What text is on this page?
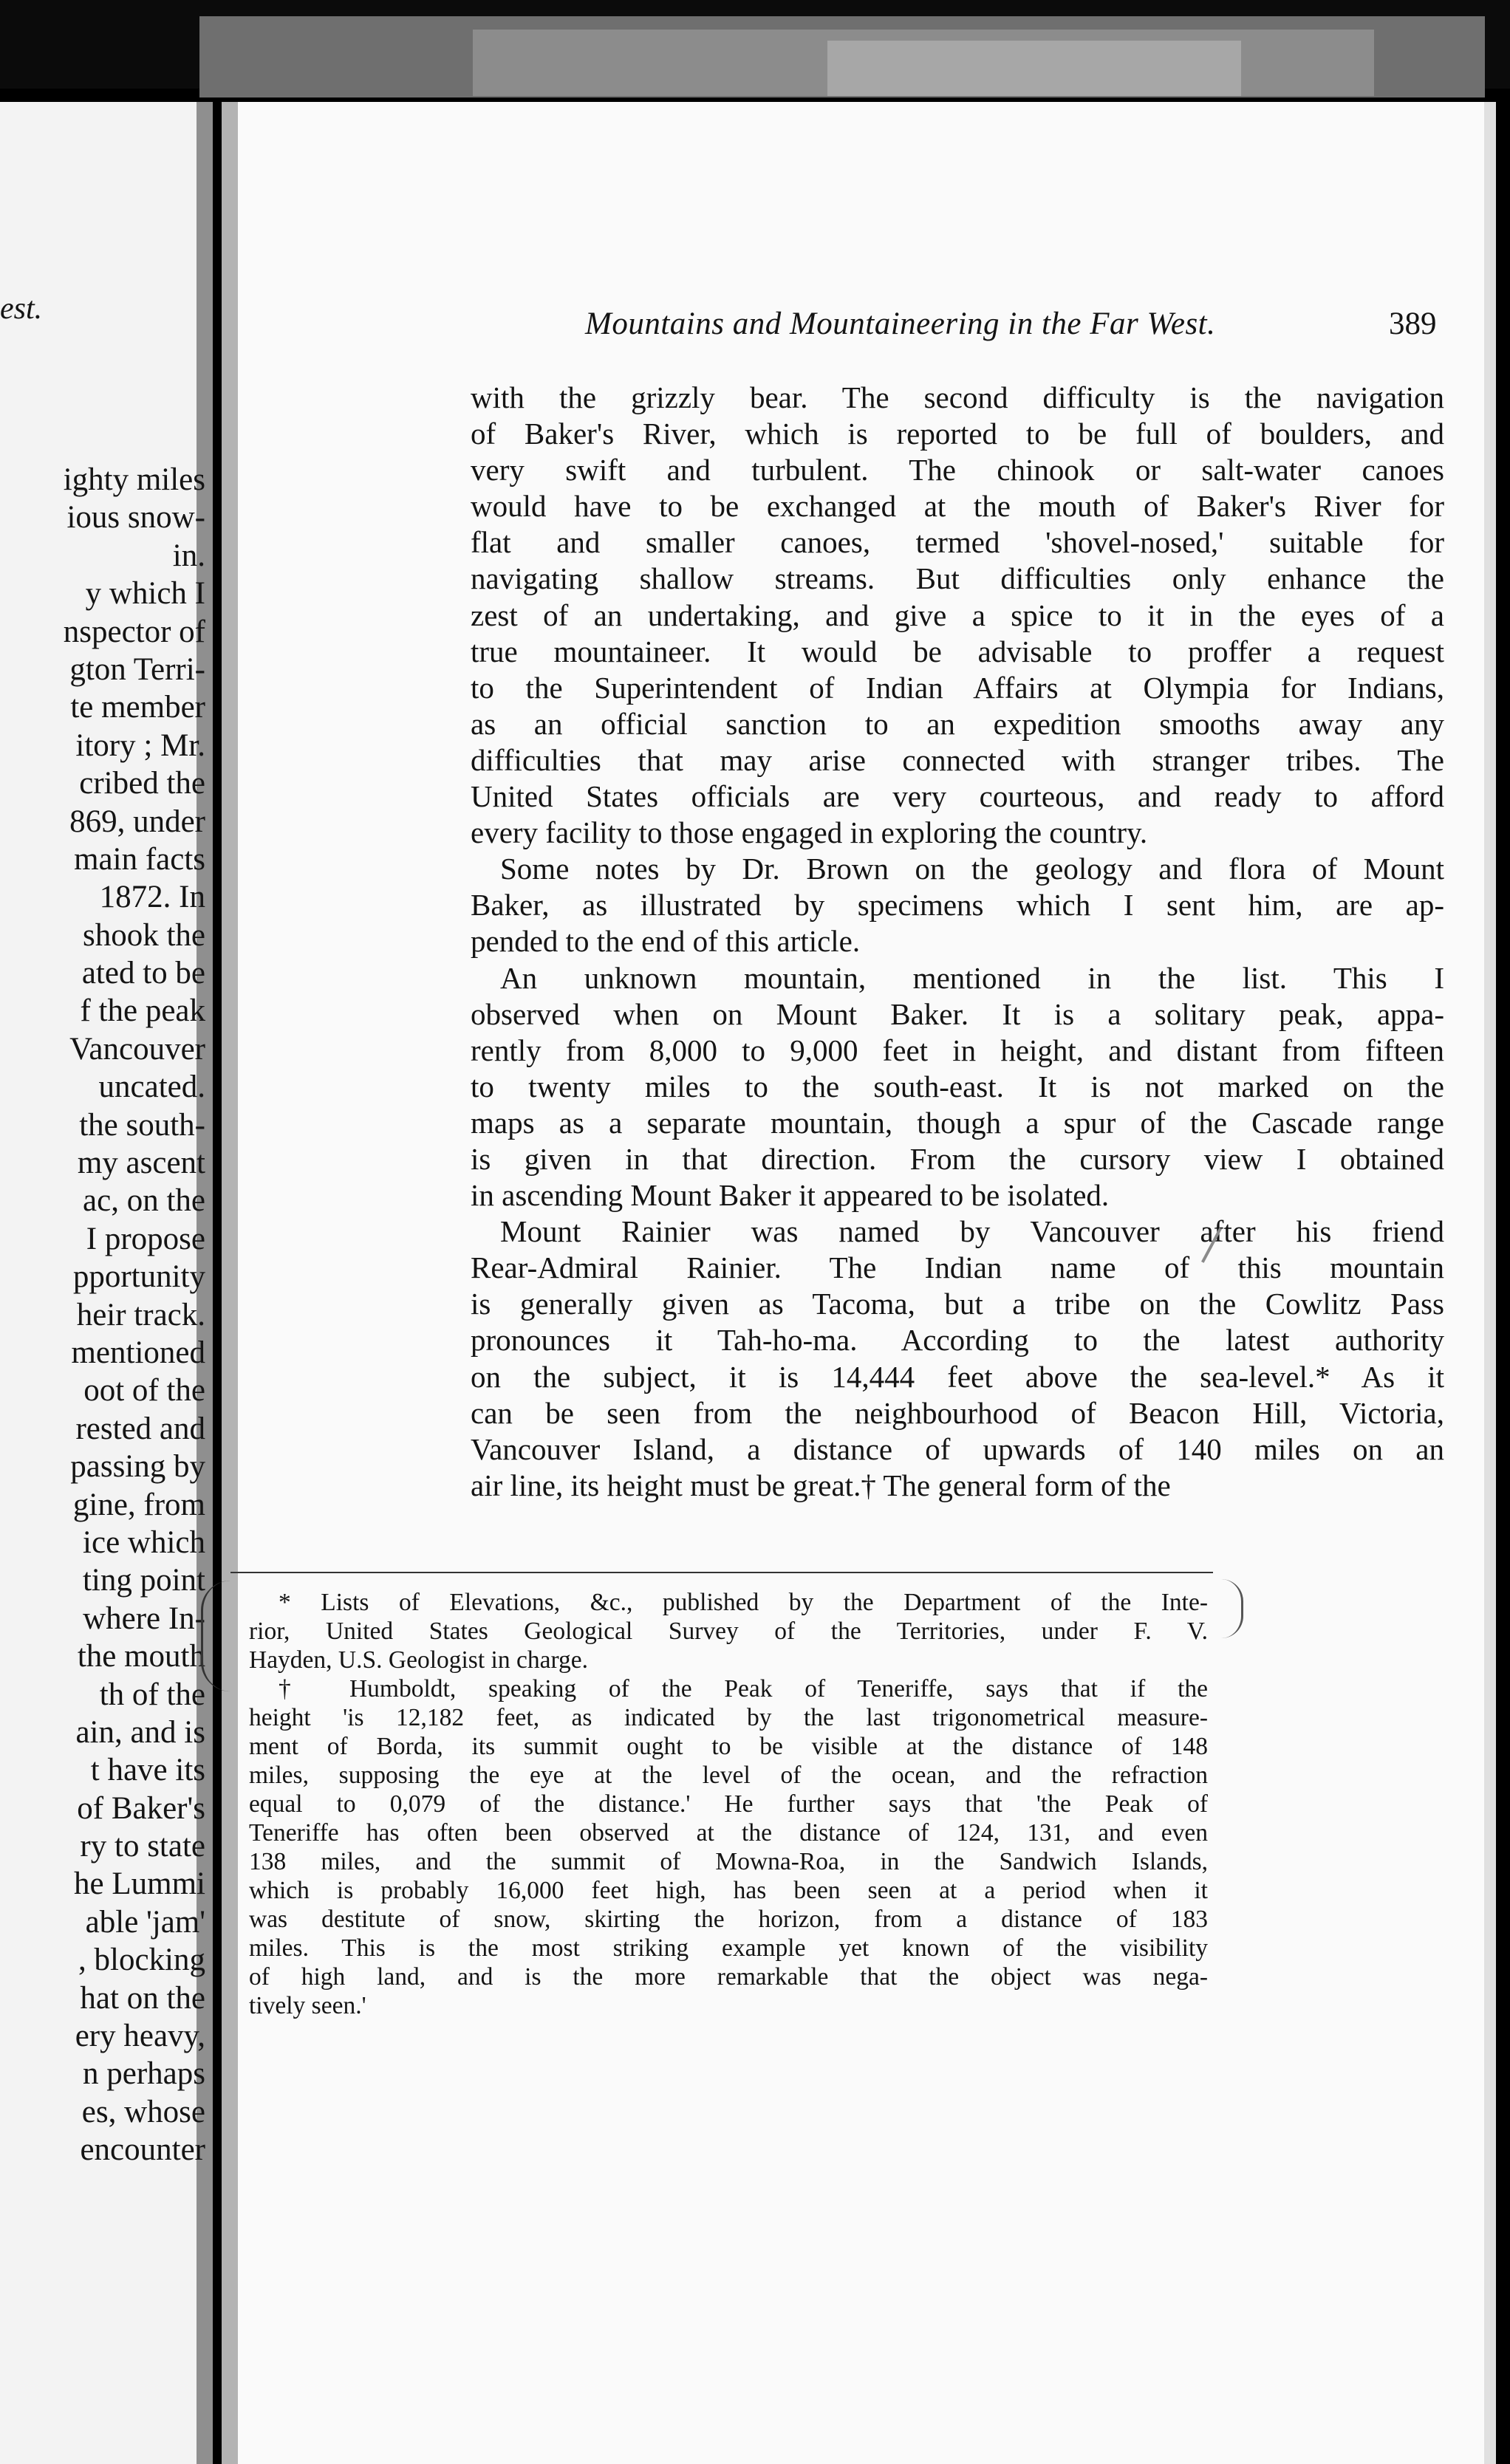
est.
ighty miles
ious snow-
in.
y which I
nspector of
gton Terri-
te member
itory ; Mr.
cribed the
869, under
main facts
1872. In
shook the
ated to be
f the peak
Vancouver
uncated.
the south-
my ascent
ac, on the
I propose
pportunity
heir track.
mentioned
oot of the
rested and
passing by
gine, from
ice which
ting point
where In-
the mouth
th of the
ain, and is
t have its
of Baker's
ry to state
he Lummi
able 'jam'
, blocking
hat on the
ery heavy,
n perhaps
es, whose
encounter
Mountains and Mountaineering in the Far West.	389
with the grizzly bear. The second difficulty is the navigation
of Baker's River, which is reported to be full of boulders, and
very swift and turbulent. The chinook or salt-water canoes
would have to be exchanged at the mouth of Baker's River for
flat and smaller canoes, termed 'shovel-nosed,' suitable for
navigating shallow streams. But difficulties only enhance the
zest of an undertaking, and give a spice to it in the eyes of a
true mountaineer. It would be advisable to proffer a request
to the Superintendent of Indian Affairs at Olympia for Indians,
as an official sanction to an expedition smooths away any
difficulties that may arise connected with stranger tribes. The
United States officials are very courteous, and ready to afford
every facility to those engaged in exploring the country.
Some notes by Dr. Brown on the geology and flora of Mount
Baker, as illustrated by specimens which I sent him, are ap-
pended to the end of this article.
An unknown mountain, mentioned in the list. This I
observed when on Mount Baker. It is a solitary peak, appa-
rently from 8,000 to 9,000 feet in height, and distant from fifteen
to twenty miles to the south-east. It is not marked on the
maps as a separate mountain, though a spur of the Cascade range
is given in that direction. From the cursory view I obtained
in ascending Mount Baker it appeared to be isolated.
Mount Rainier was named by Vancouver after his friend
Rear-Admiral Rainier. The Indian name of this mountain
is generally given as Tacoma, but a tribe on the Cowlitz Pass
pronounces it Tah-ho-ma. According to the latest authority
on the subject, it is 14,444 feet above the sea-level.* As it
can be seen from the neighbourhood of Beacon Hill, Victoria,
Vancouver Island, a distance of upwards of 140 miles on an
air line, its height must be great.† The general form of the
* Lists of Elevations, &c., published by the Department of the Inte-
rior, United States Geological Survey of the Territories, under F. V.
Hayden, U.S. Geologist in charge.
† Humboldt, speaking of the Peak of Teneriffe, says that if the
height 'is 12,182 feet, as indicated by the last trigonometrical measure-
ment of Borda, its summit ought to be visible at the distance of 148
miles, supposing the eye at the level of the ocean, and the refraction
equal to 0,079 of the distance.' He further says that 'the Peak of
Teneriffe has often been observed at the distance of 124, 131, and even
138 miles, and the summit of Mowna-Roa, in the Sandwich Islands,
which is probably 16,000 feet high, has been seen at a period when it
was destitute of snow, skirting the horizon, from a distance of 183
miles. This is the most striking example yet known of the visibility
of high land, and is the more remarkable that the object was nega-
tively seen.'
